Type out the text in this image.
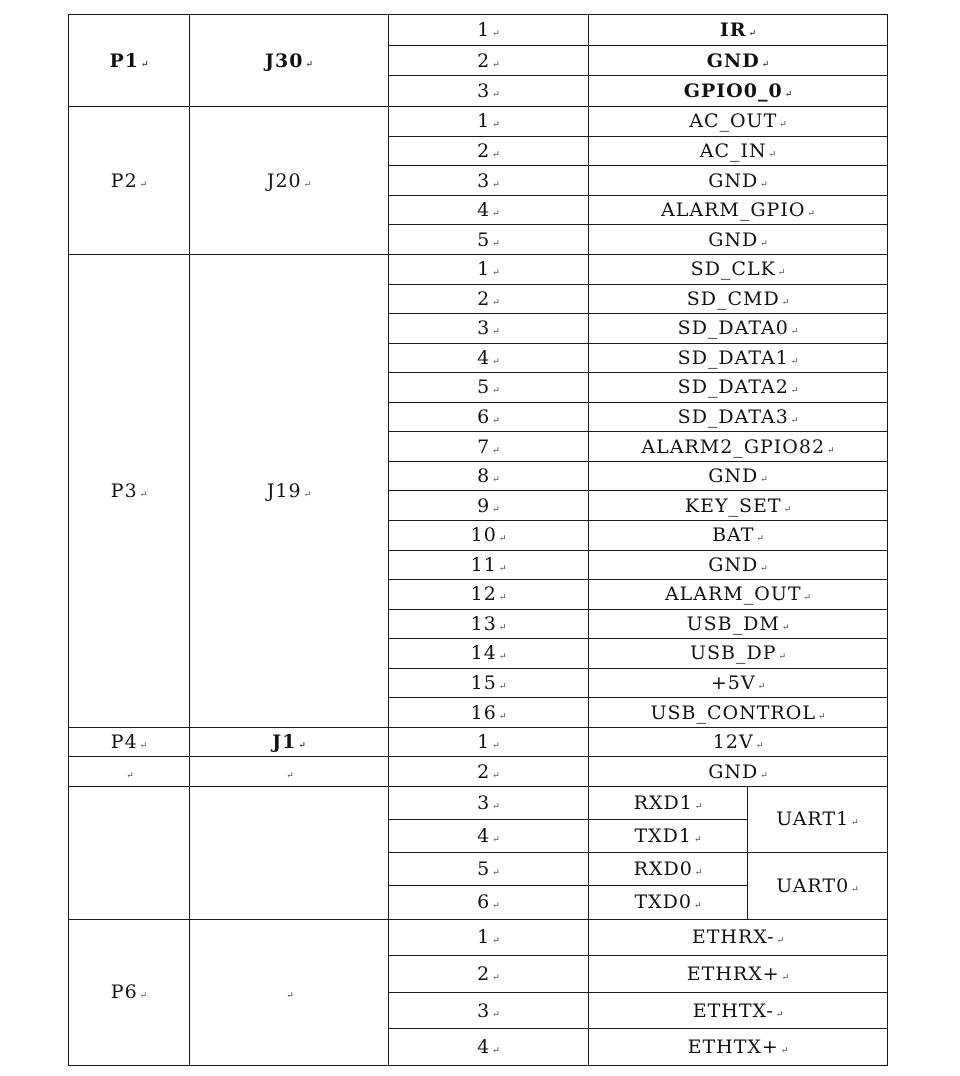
P1 ↵	J30 ↵	1 ↵	IR ↵	
		2 ↵	GND ↵	
		3 ↵	GPIO0_0 ↵	
P2 ↵	J20 ↵	1 ↵	AC_OUT ↵	
		2 ↵	AC_IN ↵	
		3 ↵	GND ↵	
		4 ↵	ALARM_GPIO ↵	
		5 ↵	GND ↵	
P3 ↵	J19 ↵	1 ↵	SD_CLK ↵	
		2 ↵	SD_CMD ↵	
		3 ↵	SD_DATA0 ↵	
		4 ↵	SD_DATA1 ↵	
		5 ↵	SD_DATA2 ↵	
		6 ↵	SD_DATA3 ↵	
		7 ↵	ALARM2_GPIO82 ↵	
		8 ↵	GND ↵	
		9 ↵	KEY_SET ↵	
		10 ↵	BAT ↵	
		11 ↵	GND ↵	
		12 ↵	ALARM_OUT ↵	
		13 ↵	USB_DM ↵	
		14 ↵	USB_DP ↵	
		15 ↵	+5V ↵	
		16 ↵	USB_CONTROL ↵	
P4 ↵	J1 ↵	1 ↵	12V ↵	
↵	↵	2 ↵	GND ↵	
		3 ↵	RXD1 ↵	UART1 ↵
		4 ↵	TXD1 ↵	
		5 ↵	RXD0 ↵	UART0 ↵
		6 ↵	TXD0 ↵	
P6 ↵	↵	1 ↵	ETHRX- ↵	
		2 ↵	ETHRX+ ↵	
		3 ↵	ETHTX- ↵	
		4 ↵	ETHTX+ ↵	
